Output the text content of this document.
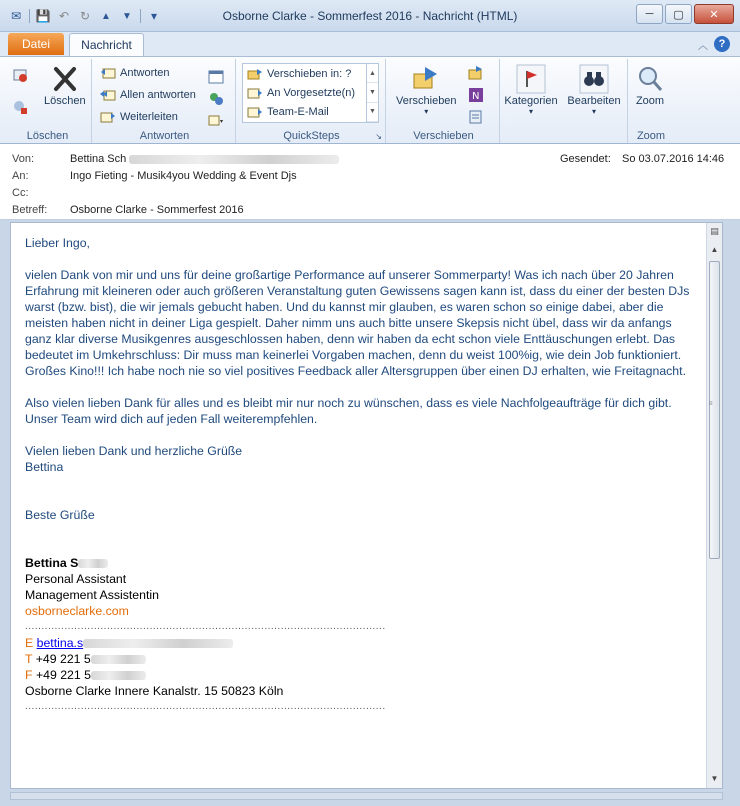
✉ 💾 ↶ ↻	▲	▼	▾	Osborne Clarke - Sommerfest 2016 - Nachricht (HTML)	─	▢	✕
Datei	Nachricht	︿ ?
Löschen
Löschen
Antworten
Allen antworten
Weiterleiten
Antworten
Verschieben in: ?
An Vorgesetzte(n)
Team-E-Mail
▲
▼
▼
QuickSteps	↘
Verschieben
▾
N
Verschieben
Kategorien
▾
Bearbeiten
▾
Zoom
Zoom
Von:	Bettina Sch	Gesendet: So 03.07.2016 14:46
An:	Ingo Fieting - Musik4you Wedding & Event Djs
Cc:
Betreff: Osborne Clarke - Sommerfest 2016

Lieber Ingo,

vielen Dank von mir und uns für deine großartige Performance auf unserer Sommerparty! Was ich nach über 20 Jahren Erfahrung mit kleineren oder auch größeren Veranstaltung guten Gewissens sagen kann ist, dass du einer der besten DJs warst (bzw. bist), die wir jemals gebucht haben. Und du kannst mir glauben, es waren schon so einige dabei, aber die meisten haben nicht in deiner Liga gespielt. Daher nimm uns auch bitte unsere Skepsis nicht übel, dass wir da anfangs ganz klar diverse Musikgenres ausgeschlossen haben, denn wir haben da echt schon viele Enttäuschungen erlebt. Das bedeutet im Umkehrschluss: Dir muss man keinerlei Vorgaben machen, denn du weist 100%ig, wie dein Job funktioniert. Großes Kino!!! Ich habe noch nie so viel positives Feedback aller Altersgruppen über einen DJ erhalten, wie Freitagnacht.

Also vielen lieben Dank für alles und es bleibt mir nur noch zu wünschen, dass es viele Nachfolgeaufträge für dich gibt. Unser Team wird dich auf jeden Fall weiterempfehlen.

Vielen lieben Dank und herzliche Grüße

Bettina

Beste Grüße

Bettina S

Personal Assistant

Management Assistentin

osborneclarke.com

..............................................................................................................

E bettina.s

T +49 221 5

F +49 221 5

Osborne Clarke Innere Kanalstr. 15 50823 Köln

..............................................................................................................
▤
▲
≡
▼
